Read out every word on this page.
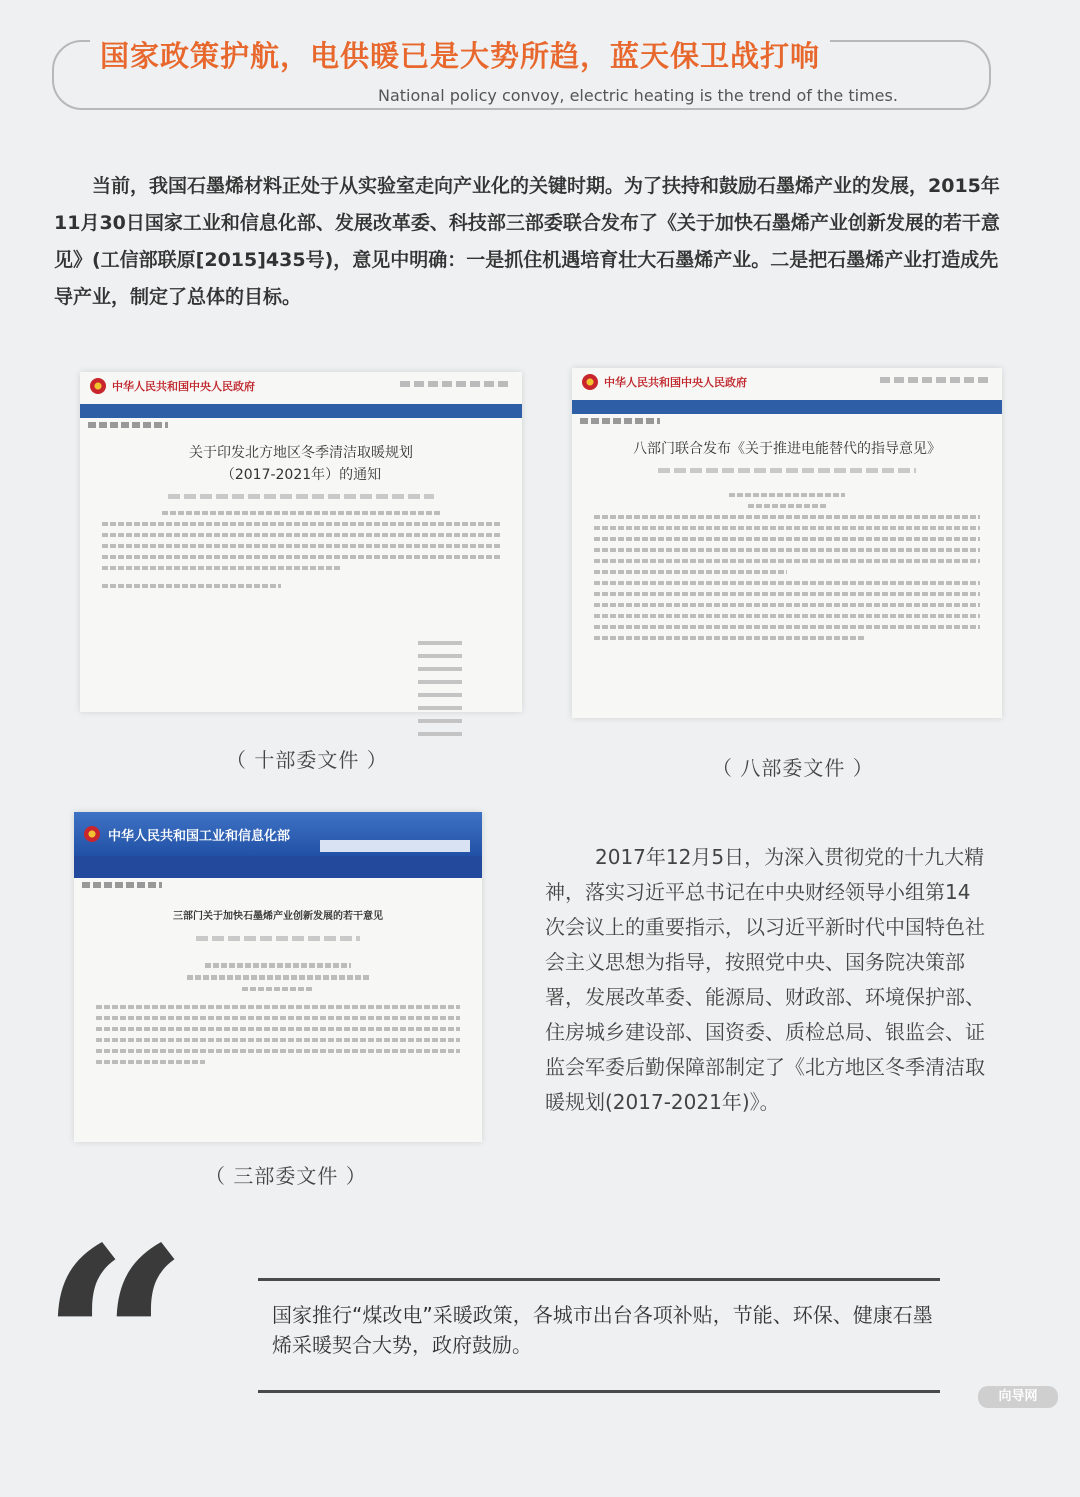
国家政策护航，电供暖已是大势所趋，蓝天保卫战打响
National policy convoy, electric heating is the trend of the times.

当前，我国石墨烯材料正处于从实验室走向产业化的关键时期。为了扶持和鼓励石墨烯产业的发展，2015年11月30日国家工业和信息化部、发展改革委、科技部三部委联合发布了《关于加快石墨烯产业创新发展的若干意见》(工信部联原[2015]435号)，意见中明确：一是抓住机遇培育壮大石墨烯产业。二是把石墨烯产业打造成先导产业，制定了总体的目标。

中华人民共和国中央人民政府
关于印发北方地区冬季清洁取暖规划（2017-2021年）的通知
（ 十部委文件 ）
中华人民共和国中央人民政府
八部门联合发布《关于推进电能替代的指导意见》
（ 八部委文件 ）
中华人民共和国工业和信息化部
三部门关于加快石墨烯产业创新发展的若干意见
（ 三部委文件 ）

2017年12月5日，为深入贯彻党的十九大精神，落实习近平总书记在中央财经领导小组第14次会议上的重要指示，以习近平新时代中国特色社会主义思想为指导，按照党中央、国务院决策部署，发展改革委、能源局、财政部、环境保护部、住房城乡建设部、国资委、质检总局、银监会、证监会军委后勤保障部制定了《北方地区冬季清洁取暖规划(2017-2021年)》。

“	国家推行“煤改电”采暖政策，各城市出台各项补贴，节能、环保、健康石墨烯采暖契合大势，政府鼓励。

向导网
